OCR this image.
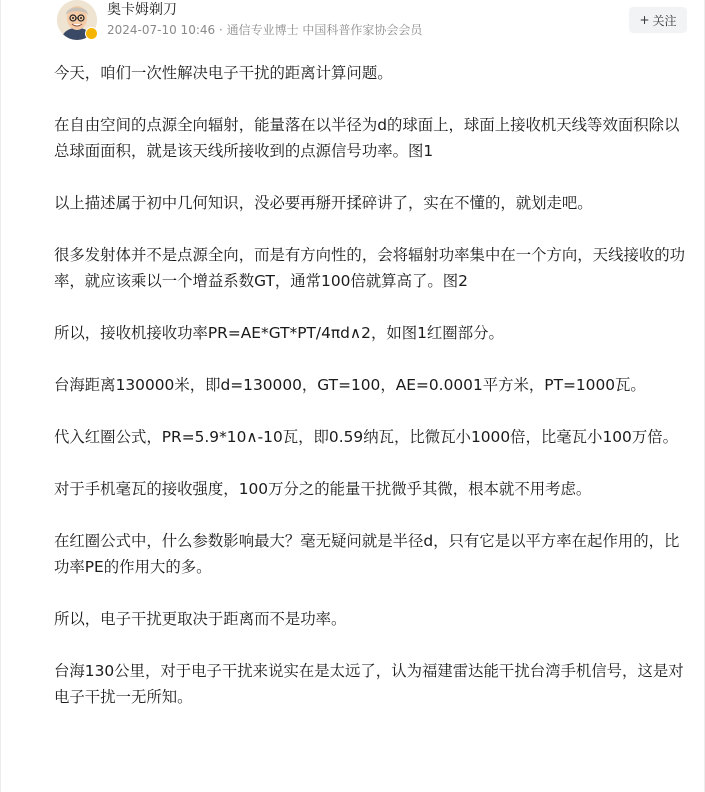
奥卡姆剃刀
2024-07-10 10:46 · 通信专业博士 中国科普作家协会会员
+ 关注

今天，咱们一次性解决电子干扰的距离计算问题。

在自由空间的点源全向辐射，能量落在以半径为d的球面上，球面上接收机天线等效面积除以总球面面积，就是该天线所接收到的点源信号功率。图1

以上描述属于初中几何知识，没必要再掰开揉碎讲了，实在不懂的，就划走吧。

很多发射体并不是点源全向，而是有方向性的，会将辐射功率集中在一个方向，天线接收的功率，就应该乘以一个增益系数GT，通常100倍就算高了。图2

所以，接收机接收功率PR=AE*GT*PT/4πd∧2，如图1红圈部分。

台海距离130000米，即d=130000，GT=100，AE=0.0001平方米，PT=1000瓦。

代入红圈公式，PR=5.9*10∧-10瓦，即0.59纳瓦，比微瓦小1000倍，比毫瓦小100万倍。

对于手机毫瓦的接收强度，100万分之的能量干扰微乎其微，根本就不用考虑。

在红圈公式中，什么参数影响最大？毫无疑问就是半径d，只有它是以平方率在起作用的，比功率PE的作用大的多。

所以，电子干扰更取决于距离而不是功率。

台海130公里，对于电子干扰来说实在是太远了，认为福建雷达能干扰台湾手机信号，这是对电子干扰一无所知。
